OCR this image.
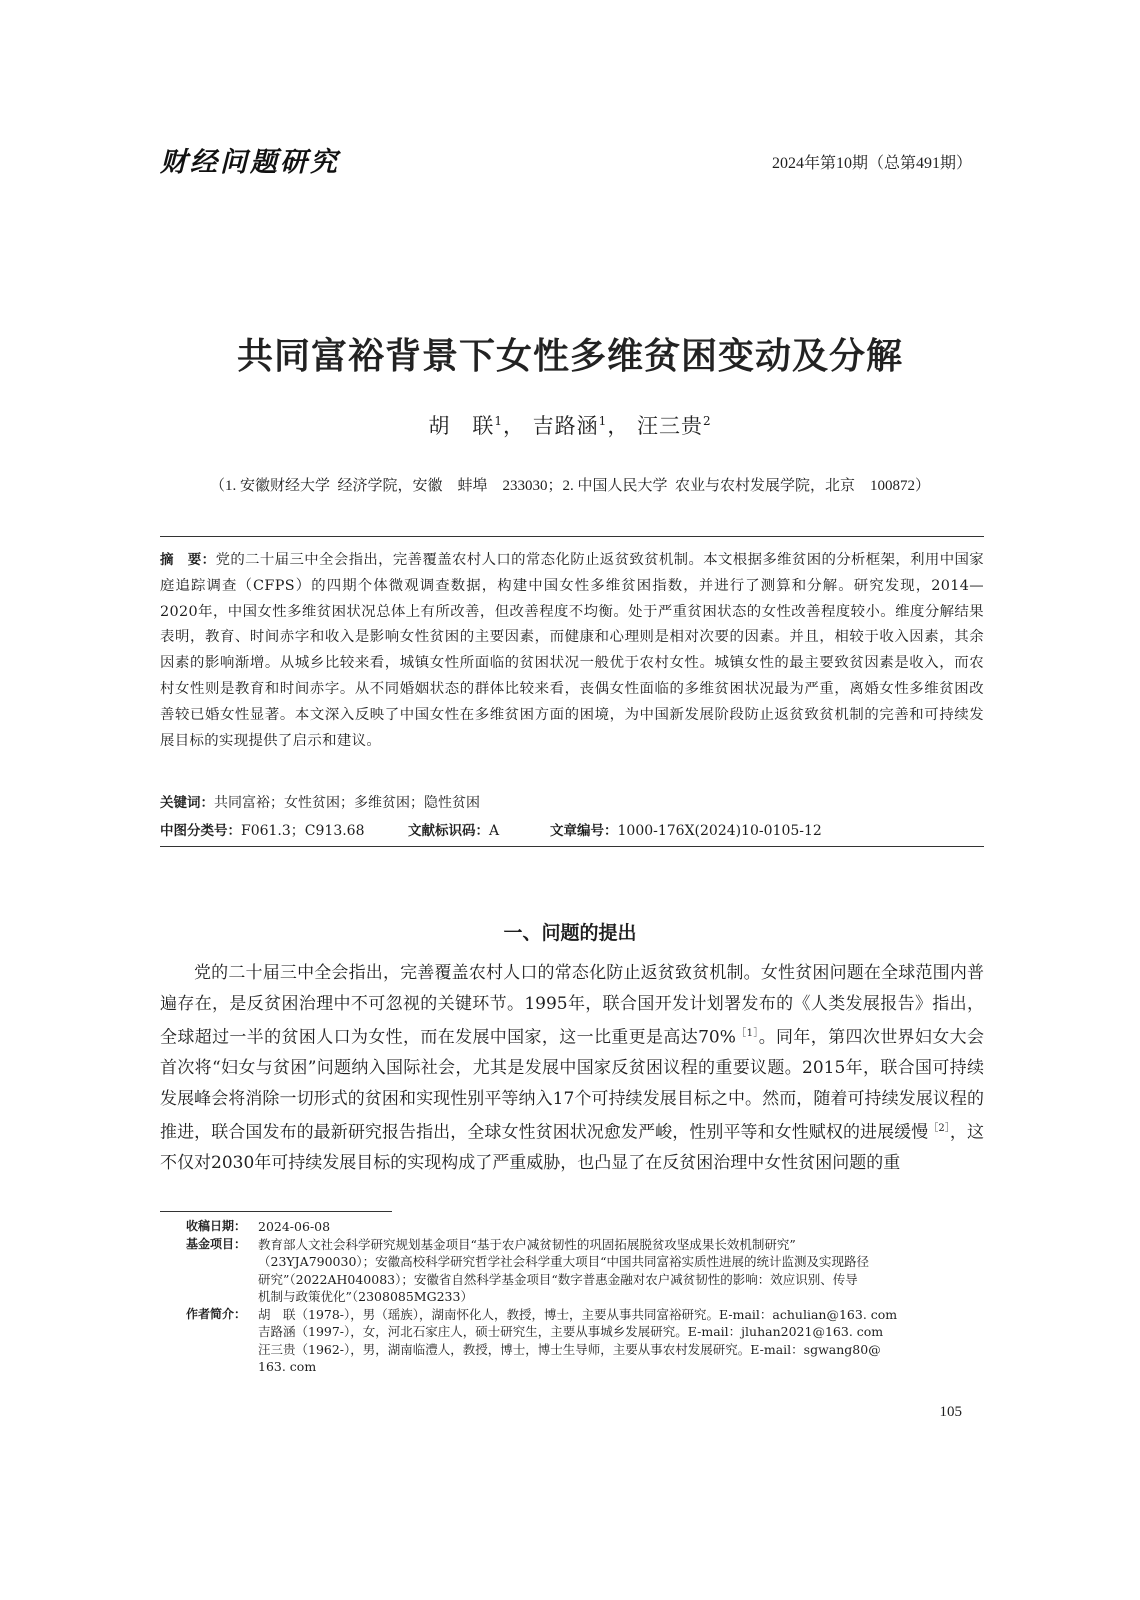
财经问题研究	2024年第10期（总第491期）
共同富裕背景下女性多维贫困变动及分解
胡　联$^1$， 吉路涵$^1$， 汪三贵$^2$
（1. 安徽财经大学  经济学院，安徽　蚌埠　233030；2. 中国人民大学  农业与农村发展学院，北京　100872）
摘　要：党的二十届三中全会指出，完善覆盖农村人口的常态化防止返贫致贫机制。本文根据多维贫困的分析框架，利用中国家庭追踪调查（CFPS）的四期个体微观调查数据，构建中国女性多维贫困指数，并进行了测算和分解。研究发现，2014—2020年，中国女性多维贫困状况总体上有所改善，但改善程度不均衡。处于严重贫困状态的女性改善程度较小。维度分解结果表明，教育、时间赤字和收入是影响女性贫困的主要因素，而健康和心理则是相对次要的因素。并且，相较于收入因素，其余因素的影响渐增。从城乡比较来看，城镇女性所面临的贫困状况一般优于农村女性。城镇女性的最主要致贫因素是收入，而农村女性则是教育和时间赤字。从不同婚姻状态的群体比较来看，丧偶女性面临的多维贫困状况最为严重，离婚女性多维贫困改善较已婚女性显著。本文深入反映了中国女性在多维贫困方面的困境，为中国新发展阶段防止返贫致贫机制的完善和可持续发展目标的实现提供了启示和建议。
关键词：共同富裕；女性贫困；多维贫困；隐性贫困
中图分类号：F061.3；C913.68	文献标识码：A	文章编号：1000-176X(2024)10-0105-12
一、问题的提出
党的二十届三中全会指出，完善覆盖农村人口的常态化防止返贫致贫机制。女性贫困问题在全球范围内普遍存在，是反贫困治理中不可忽视的关键环节。1995年，联合国开发计划署发布的《人类发展报告》指出，全球超过一半的贫困人口为女性，而在发展中国家，这一比重更是高达70%$^{[1]}$。同年，第四次世界妇女大会首次将“妇女与贫困”问题纳入国际社会，尤其是发展中国家反贫困议程的重要议题。2015年，联合国可持续发展峰会将消除一切形式的贫困和实现性别平等纳入17个可持续发展目标之中。然而，随着可持续发展议程的推进，联合国发布的最新研究报告指出，全球女性贫困状况愈发严峻，性别平等和女性赋权的进展缓慢$^{[2]}$，这不仅对2030年可持续发展目标的实现构成了严重威胁，也凸显了在反贫困治理中女性贫困问题的重
收稿日期： 2024-06-08
基金项目： 教育部人文社会科学研究规划基金项目“基于农户减贫韧性的巩固拓展脱贫攻坚成果长效机制研究”
（23YJA790030）；安徽高校科学研究哲学社会科学重大项目“中国共同富裕实质性进展的统计监测及实现路径
研究”（2022AH040083）；安徽省自然科学基金项目“数字普惠金融对农户减贫韧性的影响：效应识别、传导
机制与政策优化”（2308085MG233）
作者简介： 胡　联（1978-），男（瑶族），湖南怀化人，教授，博士，主要从事共同富裕研究。E-mail：achulian@163. com
吉路涵（1997-），女，河北石家庄人，硕士研究生，主要从事城乡发展研究。E-mail：jluhan2021@163. com
汪三贵（1962-），男，湖南临澧人，教授，博士，博士生导师，主要从事农村发展研究。E-mail：sgwang80@
163. com
105
